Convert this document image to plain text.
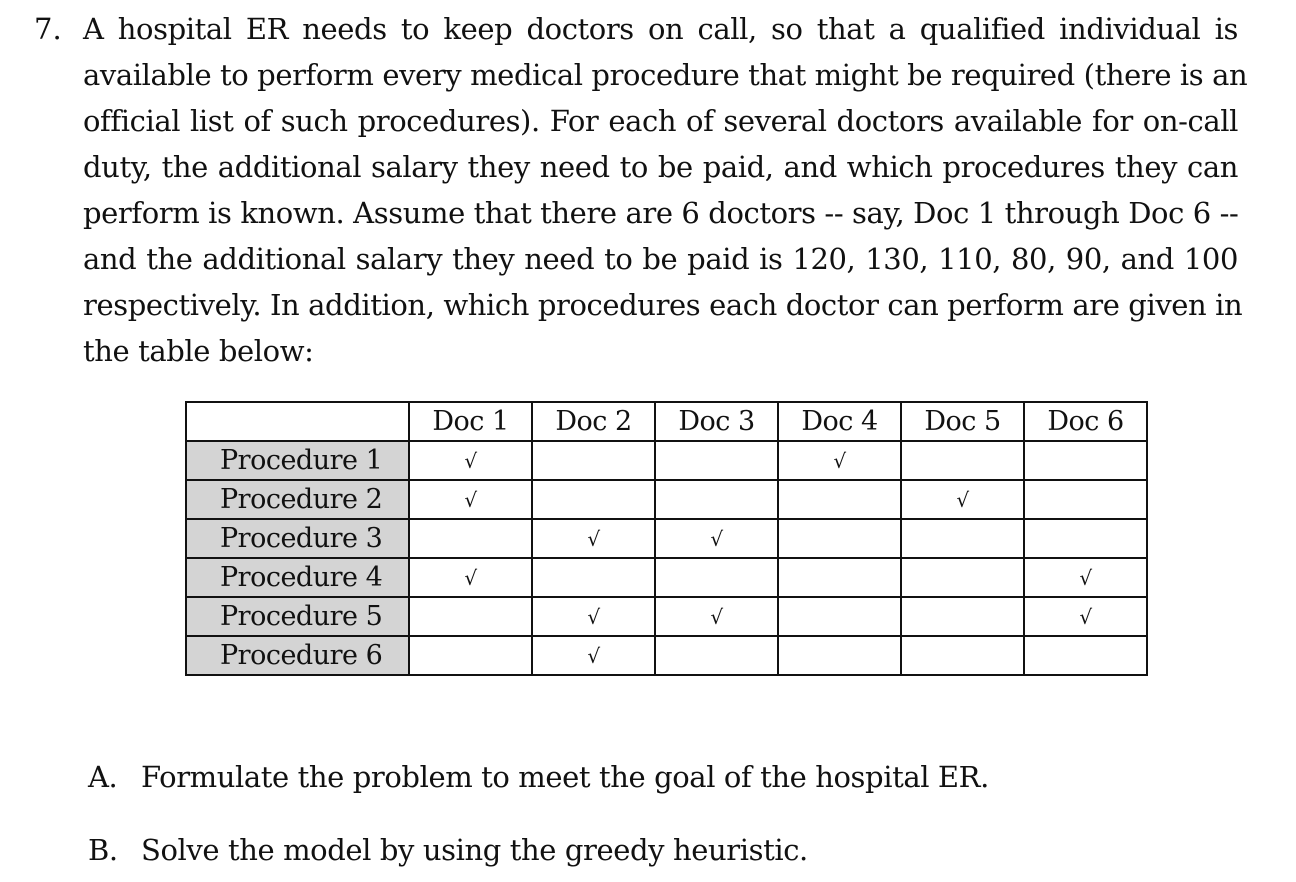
7. A hospital ER needs to keep doctors on call, so that a qualified individual is
available to perform every medical procedure that might be required (there is an
official list of such procedures). For each of several doctors available for on-call
duty, the additional salary they need to be paid, and which procedures they can
perform is known. Assume that there are 6 doctors -- say, Doc 1 through Doc 6 --
and the additional salary they need to be paid is 120, 130, 110, 80, 90, and 100
respectively. In addition, which procedures each doctor can perform are given in
the table below:
	Doc 1	Doc 2	Doc 3	Doc 4	Doc 5	Doc 6
Procedure 1	√			√		
Procedure 2	√				√	
Procedure 3		√	√			
Procedure 4	√					√
Procedure 5		√	√			√
Procedure 6		√				
A. Formulate the problem to meet the goal of the hospital ER.
B. Solve the model by using the greedy heuristic.
